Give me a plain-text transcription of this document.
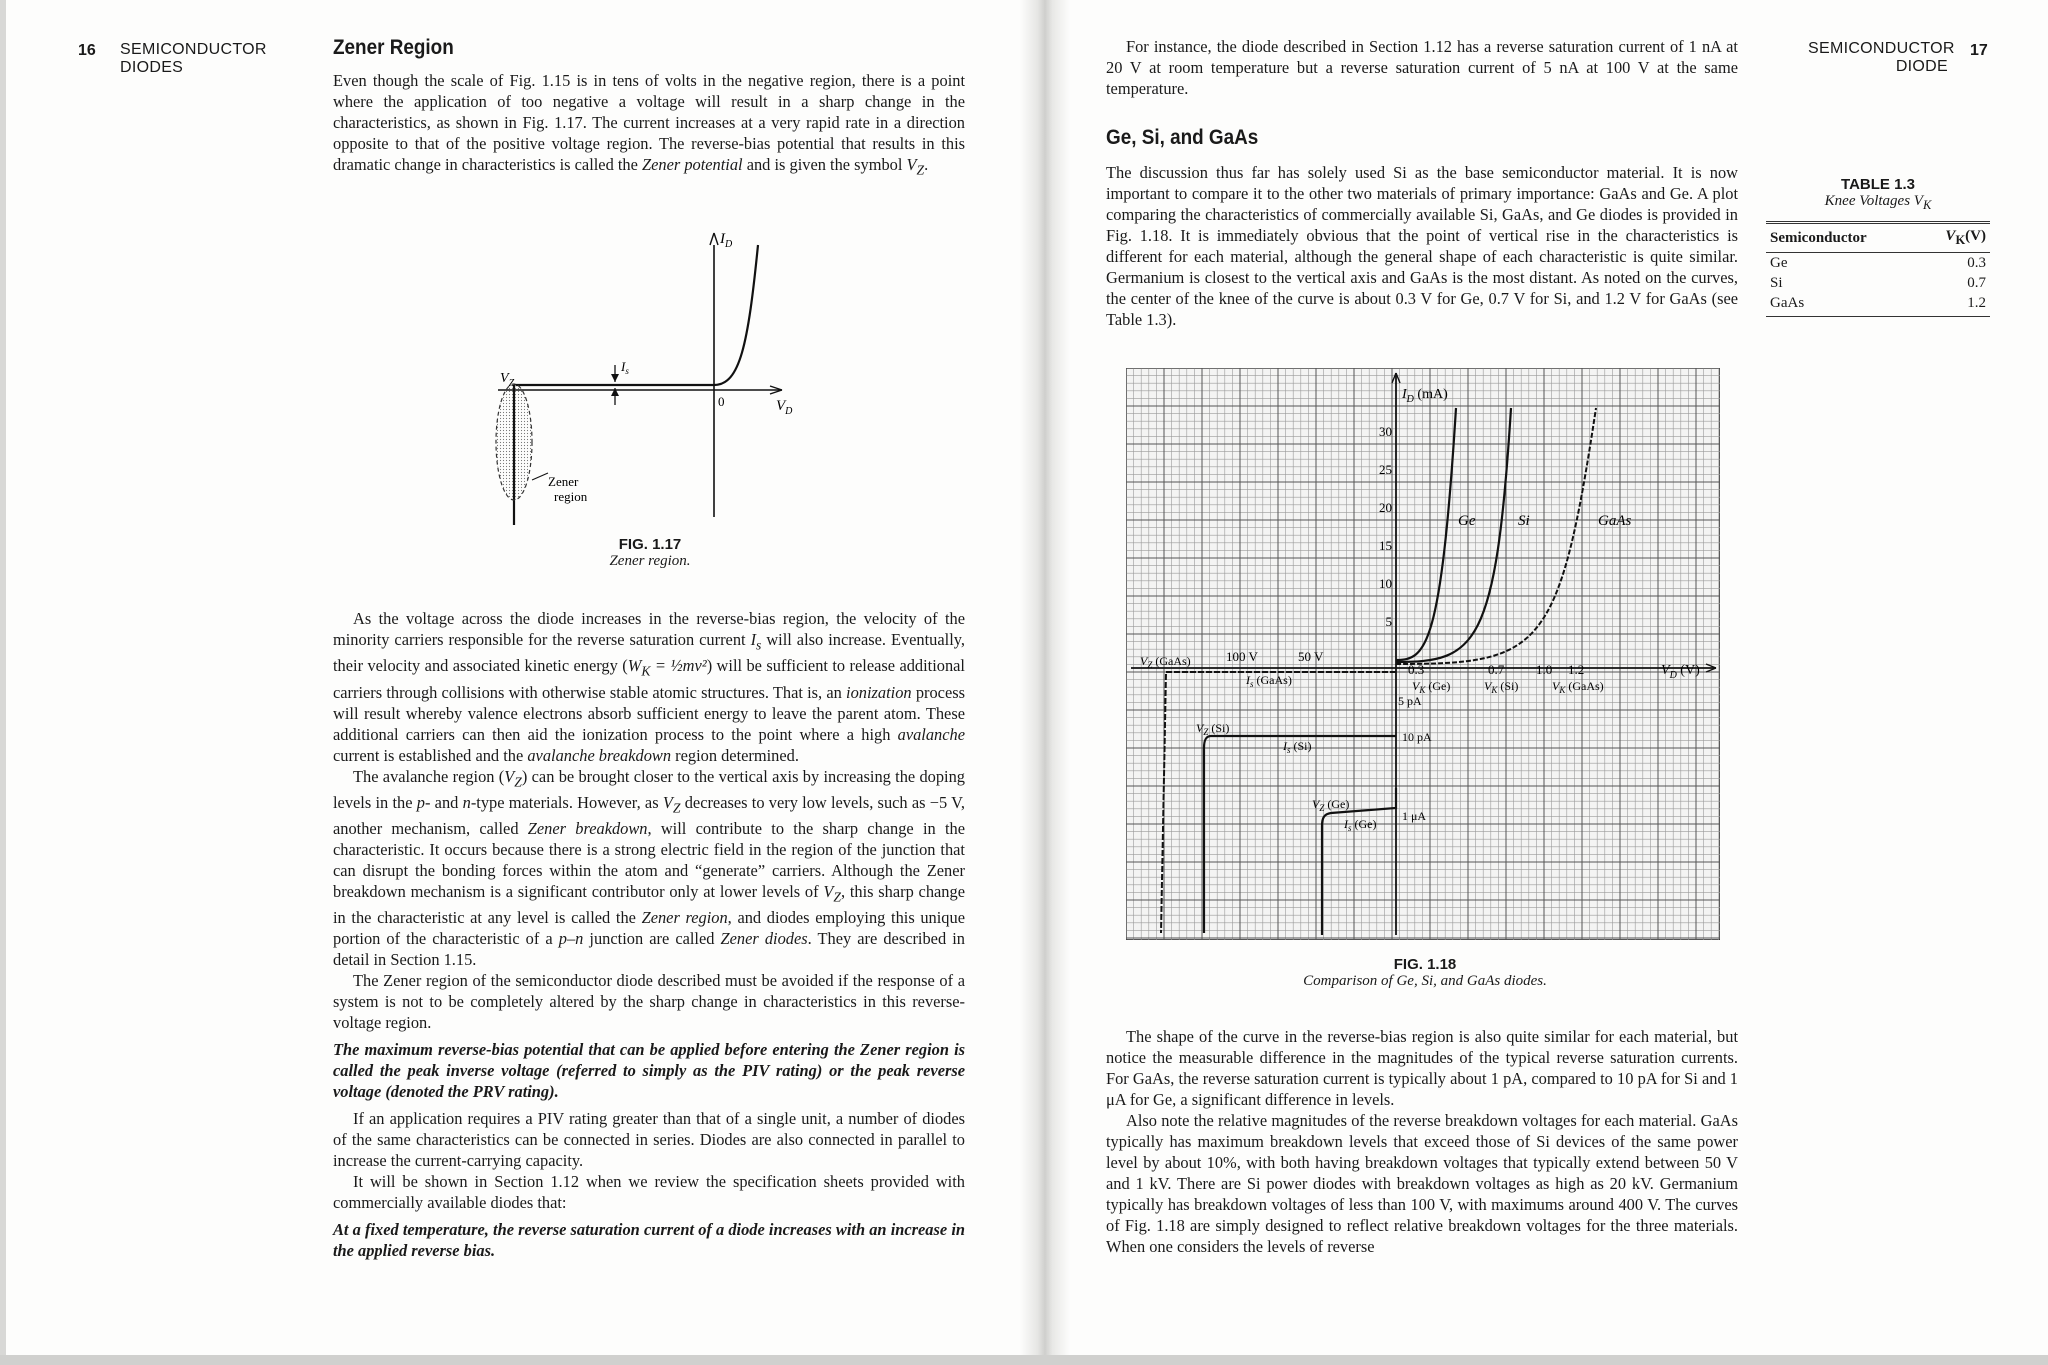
16 SEMICONDUCTOR
DIODES
Zener Region

Even though the scale of Fig. 1.15 is in tens of volts in the negative region, there is a point where the application of too negative a voltage will result in a sharp change in the characteristics, as shown in Fig. 1.17. The current increases at a very rapid rate in a direction opposite to that of the positive voltage region. The reverse-bias potential that results in this dramatic change in characteristics is called the Zener potential and is given the symbol $V_Z$.

$I_D$
$V_D$
$V_Z$
$I_s$
0
Zener
region
FIG. 1.17
Zener region.

As the voltage across the diode increases in the reverse-bias region, the velocity of the minority carriers responsible for the reverse saturation current $I_s$ will also increase. Eventually, their velocity and associated kinetic energy ($W_K$ = ½mv²) will be sufficient to release additional carriers through collisions with otherwise stable atomic structures. That is, an ionization process will result whereby valence electrons absorb sufficient energy to leave the parent atom. These additional carriers can then aid the ionization process to the point where a high avalanche current is established and the avalanche breakdown region determined.

The avalanche region $(V_Z)$ can be brought closer to the vertical axis by increasing the doping levels in the p- and n-type materials. However, as $V_Z$ decreases to very low levels, such as −5 V, another mechanism, called Zener breakdown, will contribute to the sharp change in the characteristic. It occurs because there is a strong electric field in the region of the junction that can disrupt the bonding forces within the atom and “generate” carriers. Although the Zener breakdown mechanism is a significant contributor only at lower levels of $V_Z$, this sharp change in the characteristic at any level is called the Zener region, and diodes employing this unique portion of the characteristic of a p–n junction are called Zener diodes. They are described in detail in Section 1.15.

The Zener region of the semiconductor diode described must be avoided if the response of a system is not to be completely altered by the sharp change in characteristics in this reverse-voltage region.

The maximum reverse-bias potential that can be applied before entering the Zener region is called the peak inverse voltage (referred to simply as the PIV rating) or the peak reverse voltage (denoted the PRV rating).

If an application requires a PIV rating greater than that of a single unit, a number of diodes of the same characteristics can be connected in series. Diodes are also connected in parallel to increase the current-carrying capacity.

It will be shown in Section 1.12 when we review the specification sheets provided with commercially available diodes that:

At a fixed temperature, the reverse saturation current of a diode increases with an increase in the applied reverse bias.

SEMICONDUCTOR
DIODE
17

For instance, the diode described in Section 1.12 has a reverse saturation current of 1 nA at 20 V at room temperature but a reverse saturation current of 5 nA at 100 V at the same temperature.

Ge, Si, and GaAs

The discussion thus far has solely used Si as the base semiconductor material. It is now important to compare it to the other two materials of primary importance: GaAs and Ge. A plot comparing the characteristics of commercially available Si, GaAs, and Ge diodes is provided in Fig. 1.18. It is immediately obvious that the point of vertical rise in the characteristics is different for each material, although the general shape of each characteristic is quite similar. Germanium is closest to the vertical axis and GaAs is the most distant. As noted on the curves, the center of the knee of the curve is about 0.3 V for Ge, 0.7 V for Si, and 1.2 V for GaAs (see Table 1.3).

TABLE 1.3
Knee Voltages $V_K$
Semiconductor	$V_K(V)$
Ge	0.3
Si	0.7
GaAs	1.2
30
25
20
15
10
5
$I_D$ (mA)
$V_D$ (V)
Ge	Si	GaAs
100 V	50 V
0.3	0.7 1.0 1.2
$V_Z$ (GaAs)
$I_s$ (GaAs)	$V_K$ (Ge)	$V_K$ (Si)	$V_K$ (GaAs)
5 pA
10 pA
1 μA
$V_Z$ (Si)
$I_s$ (Si)
$V_Z$ (Ge)
$I_s$ (Ge)
FIG. 1.18
Comparison of Ge, Si, and GaAs diodes.

The shape of the curve in the reverse-bias region is also quite similar for each material, but notice the measurable difference in the magnitudes of the typical reverse saturation currents. For GaAs, the reverse saturation current is typically about 1 pA, compared to 10 pA for Si and 1 μA for Ge, a significant difference in levels.

Also note the relative magnitudes of the reverse breakdown voltages for each material. GaAs typically has maximum breakdown levels that exceed those of Si devices of the same power level by about 10%, with both having breakdown voltages that typically extend between 50 V and 1 kV. There are Si power diodes with breakdown voltages as high as 20 kV. Germanium typically has breakdown voltages of less than 100 V, with maximums around 400 V. The curves of Fig. 1.18 are simply designed to reflect relative breakdown voltages for the three materials. When one considers the levels of reverse
